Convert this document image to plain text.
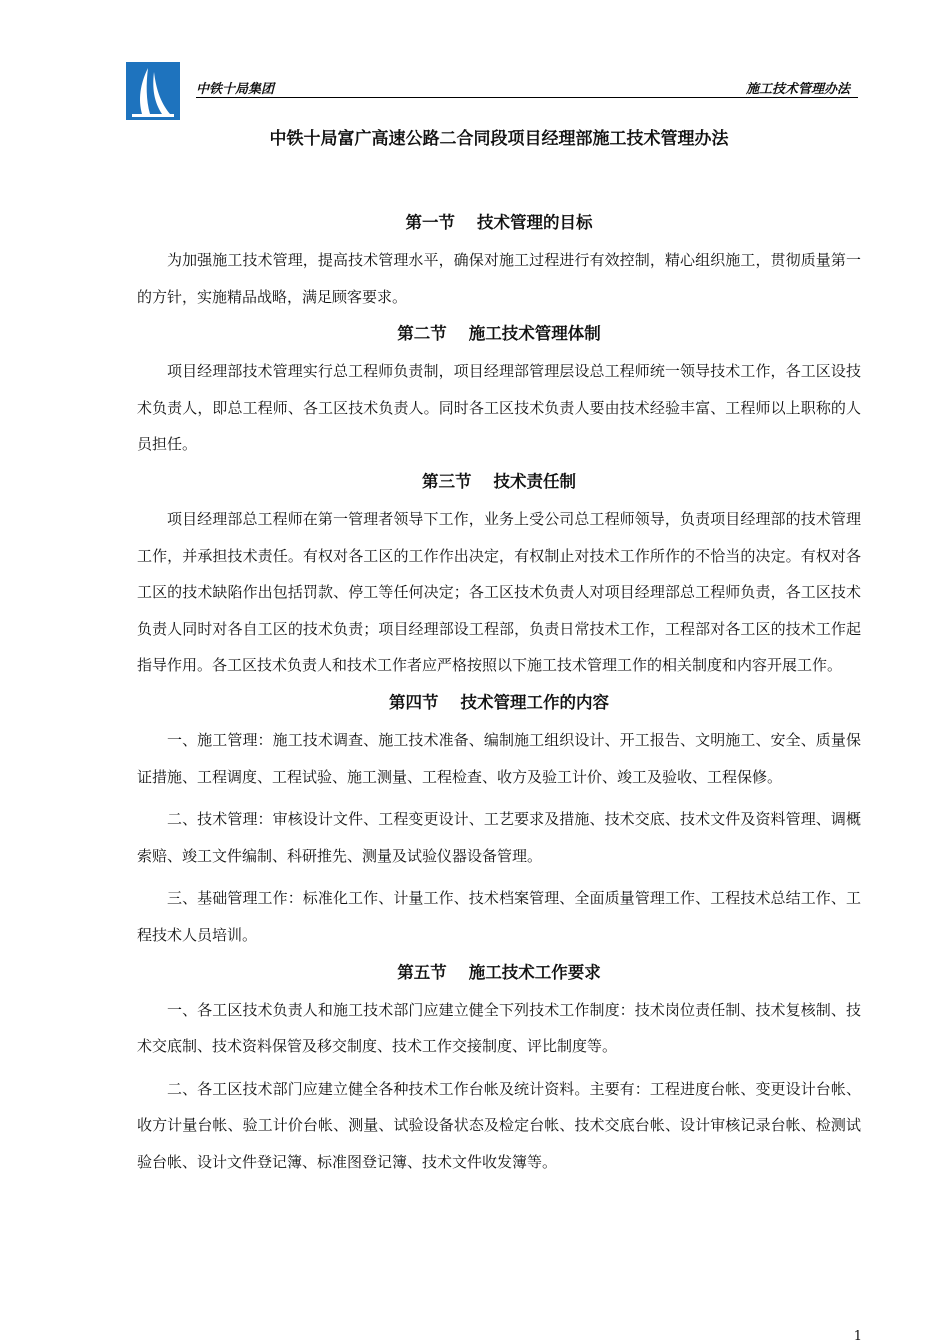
中铁十局集团	施工技术管理办法
中铁十局富广高速公路二合同段项目经理部施工技术管理办法
第一节 技术管理的目标

为加强施工技术管理，提高技术管理水平，确保对施工过程进行有效控制，精心组织施工，贯彻质量第一的方针，实施精品战略，满足顾客要求。

第二节 施工技术管理体制

项目经理部技术管理实行总工程师负责制，项目经理部管理层设总工程师统一领导技术工作，各工区设技术负责人，即总工程师、各工区技术负责人。同时各工区技术负责人要由技术经验丰富、工程师以上职称的人员担任。

第三节 技术责任制

项目经理部总工程师在第一管理者领导下工作，业务上受公司总工程师领导，负责项目经理部的技术管理工作，并承担技术责任。有权对各工区的工作作出决定，有权制止对技术工作所作的不恰当的决定。有权对各工区的技术缺陷作出包括罚款、停工等任何决定；各工区技术负责人对项目经理部总工程师负责，各工区技术负责人同时对各自工区的技术负责；项目经理部设工程部，负责日常技术工作，工程部对各工区的技术工作起指导作用。各工区技术负责人和技术工作者应严格按照以下施工技术管理工作的相关制度和内容开展工作。

第四节 技术管理工作的内容

一、施工管理：施工技术调查、施工技术准备、编制施工组织设计、开工报告、文明施工、安全、质量保证措施、工程调度、工程试验、施工测量、工程检查、收方及验工计价、竣工及验收、工程保修。

二、技术管理：审核设计文件、工程变更设计、工艺要求及措施、技术交底、技术文件及资料管理、调概索赔、竣工文件编制、科研推先、测量及试验仪器设备管理。

三、基础管理工作：标准化工作、计量工作、技术档案管理、全面质量管理工作、工程技术总结工作、工程技术人员培训。

第五节 施工技术工作要求

一、各工区技术负责人和施工技术部门应建立健全下列技术工作制度：技术岗位责任制、技术复核制、技术交底制、技术资料保管及移交制度、技术工作交接制度、评比制度等。

二、各工区技术部门应建立健全各种技术工作台帐及统计资料。主要有：工程进度台帐、变更设计台帐、收方计量台帐、验工计价台帐、测量、试验设备状态及检定台帐、技术交底台帐、设计审核记录台帐、检测试验台帐、设计文件登记簿、标准图登记簿、技术文件收发簿等。

1
